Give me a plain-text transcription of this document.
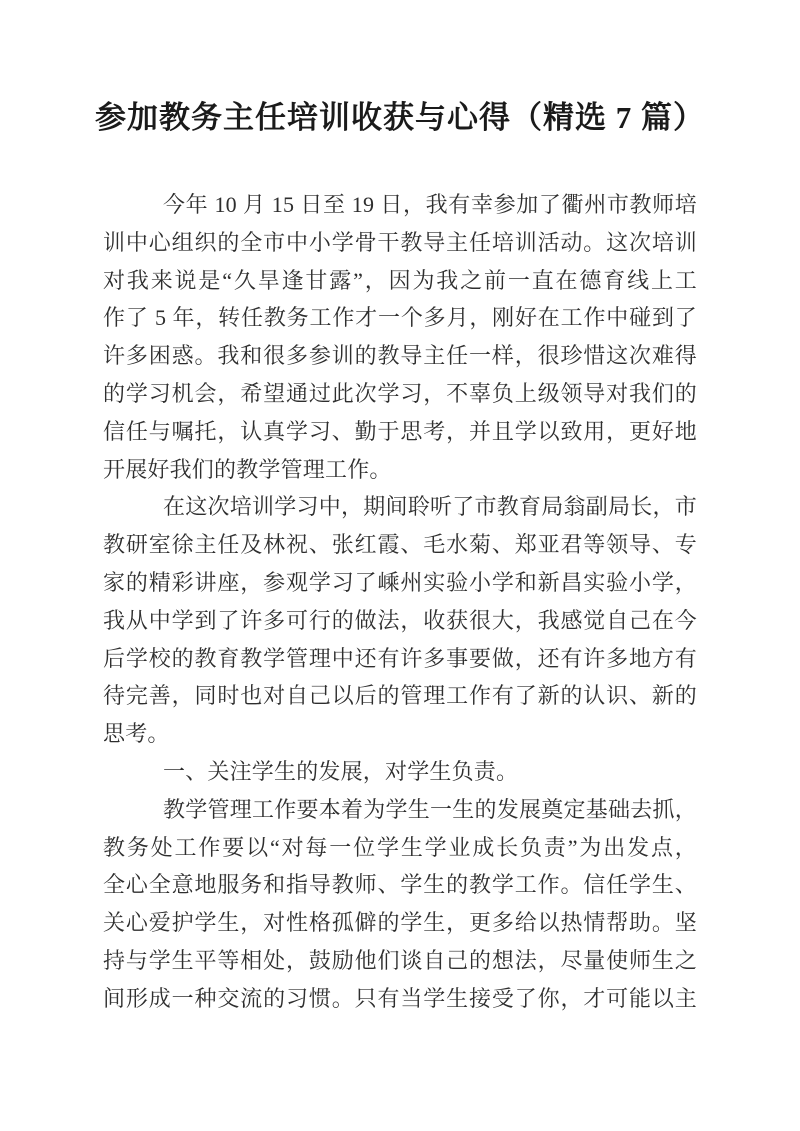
参加教务主任培训收获与心得（精选 7 篇）
今年 10 月 15 日至 19 日，我有幸参加了衢州市教师培
训中心组织的全市中小学骨干教导主任培训活动。这次培训
对我来说是“久旱逢甘露”，因为我之前一直在德育线上工
作了 5 年，转任教务工作才一个多月，刚好在工作中碰到了
许多困惑。我和很多参训的教导主任一样，很珍惜这次难得
的学习机会，希望通过此次学习，不辜负上级领导对我们的
信任与嘱托，认真学习、勤于思考，并且学以致用，更好地
开展好我们的教学管理工作。
在这次培训学习中，期间聆听了市教育局翁副局长，市
教研室徐主任及林祝、张红霞、毛水菊、郑亚君等领导、专
家的精彩讲座，参观学习了嵊州实验小学和新昌实验小学，
我从中学到了许多可行的做法，收获很大，我感觉自己在今
后学校的教育教学管理中还有许多事要做，还有许多地方有
待完善，同时也对自己以后的管理工作有了新的认识、新的
思考。
一、关注学生的发展，对学生负责。
教学管理工作要本着为学生一生的发展奠定基础去抓，
教务处工作要以“对每一位学生学业成长负责”为出发点，
全心全意地服务和指导教师、学生的教学工作。信任学生、
关心爱护学生，对性格孤僻的学生，更多给以热情帮助。坚
持与学生平等相处，鼓励他们谈自己的想法，尽量使师生之
间形成一种交流的习惯。只有当学生接受了你，才可能以主
